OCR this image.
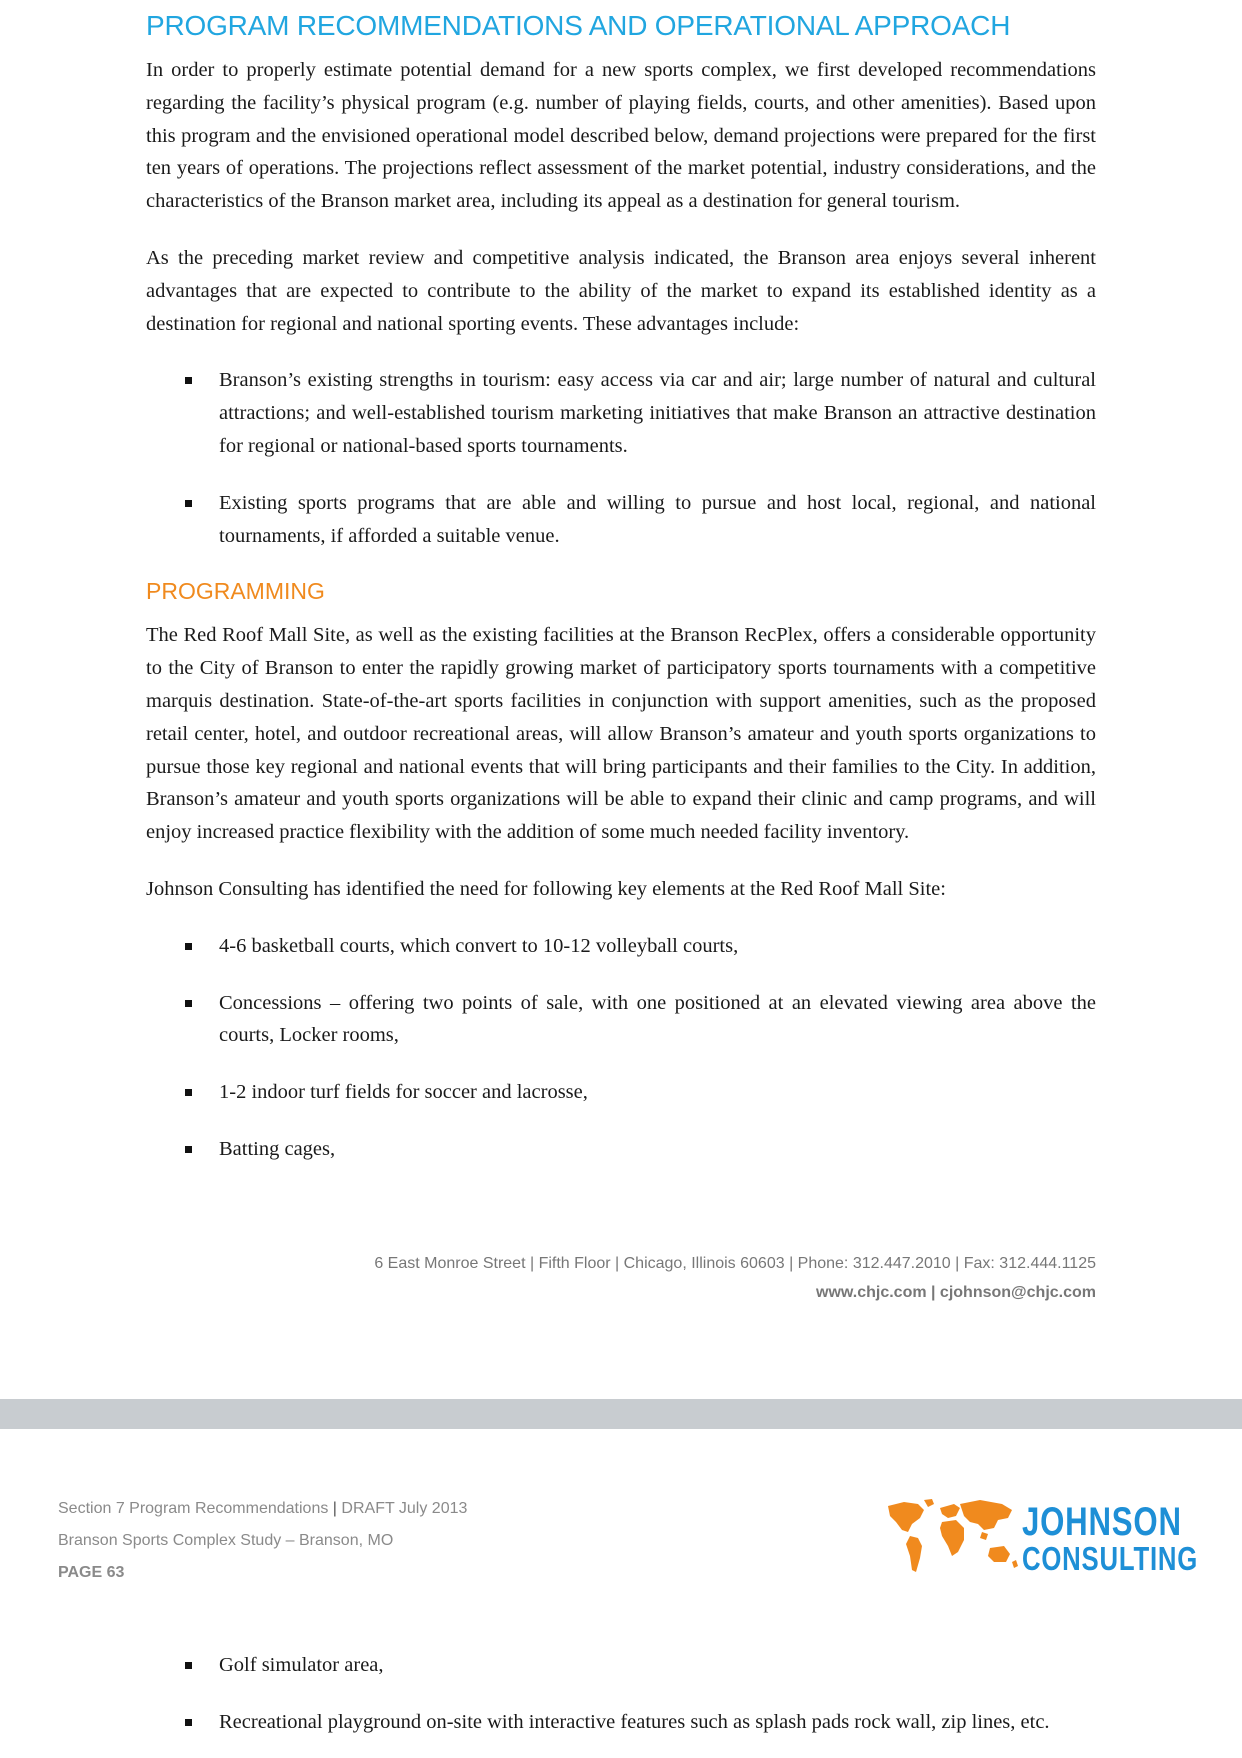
PROGRAM RECOMMENDATIONS AND OPERATIONAL APPROACH

In order to properly estimate potential demand for a new sports complex, we first developed recommendations regarding the facility’s physical program (e.g. number of playing fields, courts, and other amenities). Based upon this program and the envisioned operational model described below, demand projections were prepared for the first ten years of operations. The projections reflect assessment of the market potential, industry considerations, and the characteristics of the Branson market area, including its appeal as a destination for general tourism.

As the preceding market review and competitive analysis indicated, the Branson area enjoys several inherent advantages that are expected to contribute to the ability of the market to expand its established identity as a destination for regional and national sporting events. These advantages include:

Branson’s existing strengths in tourism: easy access via car and air; large number of natural and cultural attractions; and well-established tourism marketing initiatives that make Branson an attractive destination for regional or national-based sports tournaments.
Existing sports programs that are able and willing to pursue and host local, regional, and national tournaments, if afforded a suitable venue.
PROGRAMMING

The Red Roof Mall Site, as well as the existing facilities at the Branson RecPlex, offers a considerable opportunity to the City of Branson to enter the rapidly growing market of participatory sports tournaments with a competitive marquis destination. State-of-the-art sports facilities in conjunction with support amenities, such as the proposed retail center, hotel, and outdoor recreational areas, will allow Branson’s amateur and youth sports organizations to pursue those key regional and national events that will bring participants and their families to the City. In addition, Branson’s amateur and youth sports organizations will be able to expand their clinic and camp programs, and will enjoy increased practice flexibility with the addition of some much needed facility inventory.

Johnson Consulting has identified the need for following key elements at the Red Roof Mall Site:

4-6 basketball courts, which convert to 10-12 volleyball courts,
Concessions – offering two points of sale, with one positioned at an elevated viewing area above the courts, Locker rooms,
1-2 indoor turf fields for soccer and lacrosse,
Batting cages,
6 East Monroe Street | Fifth Floor | Chicago, Illinois 60603 | Phone: 312.447.2010 | Fax: 312.444.1125
www.chjc.com | cjohnson@chjc.com
Section 7 Program Recommendations | DRAFT July 2013
Branson Sports Complex Study – Branson, MO
PAGE 63
JOHNSON
CONSULTING
Golf simulator area,
Recreational playground on-site with interactive features such as splash pads rock wall, zip lines, etc.
